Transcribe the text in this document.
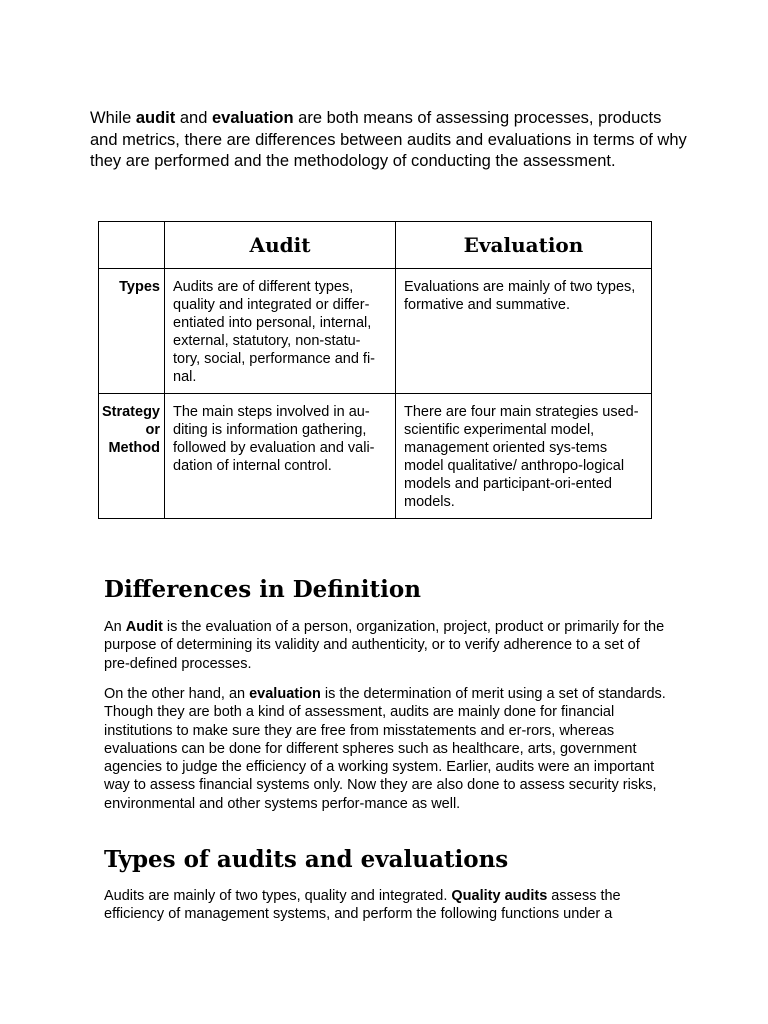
While audit and evaluation are both means of assessing processes, products and metrics, there are differences between audits and evaluations in terms of why they are performed and the methodology of conducting the assessment.

	Audit	Evaluation
Types	Audits are of different types, quality and integrated or differ-entiated into personal, internal, external, statutory, non-statu-tory, social, performance and fi-nal.	Evaluations are mainly of two types, formative and summative.
Strategy or Method	The main steps involved in au-diting is information gathering, followed by evaluation and vali-dation of internal control.	There are four main strategies used- scientific experimental model, management oriented sys-tems model qualitative/ anthropo-logical models and participant-ori-ented models.
Differences in Definition

An Audit is the evaluation of a person, organization, project, product or primarily for the purpose of determining its validity and authenticity, or to verify adherence to a set of pre-defined processes.

On the other hand, an evaluation is the determination of merit using a set of standards. Though they are both a kind of assessment, audits are mainly done for financial institutions to make sure they are free from misstatements and er-rors, whereas evaluations can be done for different spheres such as healthcare, arts, government agencies to judge the efficiency of a working system. Earlier, audits were an important way to assess financial systems only. Now they are also done to assess security risks, environmental and other systems perfor-mance as well.

Types of audits and evaluations

Audits are mainly of two types, quality and integrated. Quality audits assess the efficiency of management systems, and perform the following functions under a
